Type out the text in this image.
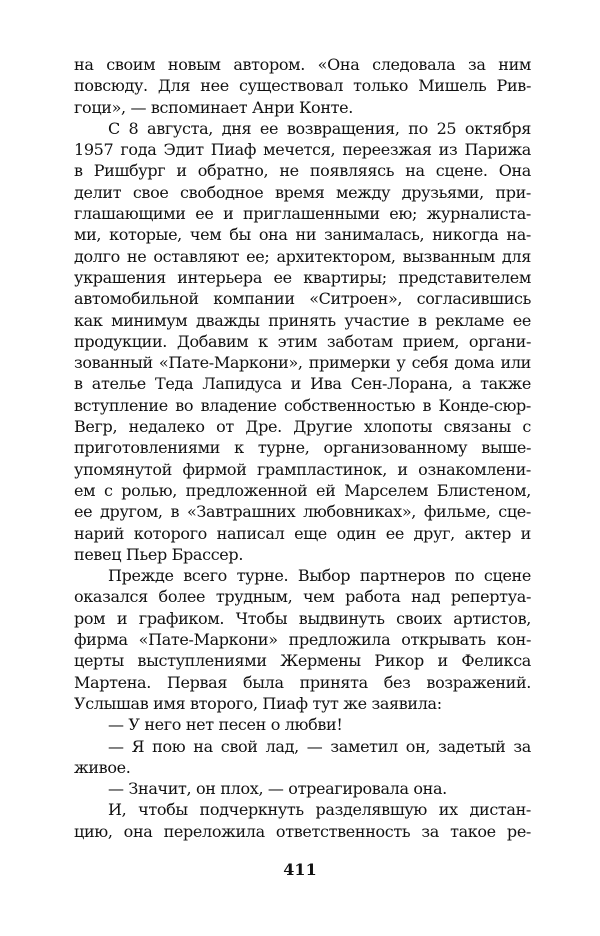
на своим новым автором. «Она следовала за ним
повсюду. Для нее существовал только Мишель Рив-
гоци», — вспоминает Анри Конте.
С 8 августа, дня ее возвращения, по 25 октября
1957 года Эдит Пиаф мечется, переезжая из Парижа
в Ришбург и обратно, не появляясь на сцене. Она
делит свое свободное время между друзьями, при-
глашающими ее и приглашенными ею; журналиста-
ми, которые, чем бы она ни занималась, никогда на-
долго не оставляют ее; архитектором, вызванным для
украшения интерьера ее квартиры; представителем
автомобильной компании «Ситроен», согласившись
как минимум дважды принять участие в рекламе ее
продукции. Добавим к этим заботам прием, органи-
зованный «Пате-Маркони», примерки у себя дома или
в ателье Теда Лапидуса и Ива Сен-Лорана, а также
вступление во владение собственностью в Конде-сюр-
Вегр, недалеко от Дре. Другие хлопоты связаны с
приготовлениями к турне, организованному выше-
упомянутой фирмой грампластинок, и ознакомлени-
ем с ролью, предложенной ей Марселем Блистеном,
ее другом, в «Завтрашних любовниках», фильме, сце-
нарий которого написал еще один ее друг, актер и
певец Пьер Брассер.
Прежде всего турне. Выбор партнеров по сцене
оказался более трудным, чем работа над репертуа-
ром и графиком. Чтобы выдвинуть своих артистов,
фирма «Пате-Маркони» предложила открывать кон-
церты выступлениями Жермены Рикор и Феликса
Мартена. Первая была принята без возражений.
Услышав имя второго, Пиаф тут же заявила:
— У него нет песен о любви!
— Я пою на свой лад, — заметил он, задетый за
живое.
— Значит, он плох, — отреагировала она.
И, чтобы подчеркнуть разделявшую их дистан-
цию, она переложила ответственность за такое ре-
411
